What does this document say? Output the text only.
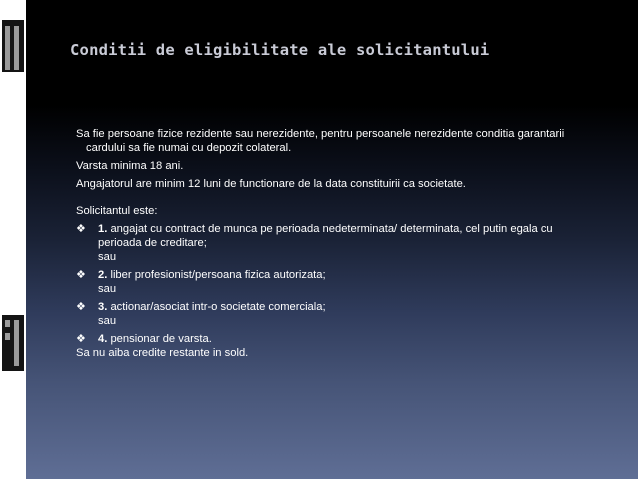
Conditii de eligibilitate ale solicitantului

Sa fie persoane fizice rezidente sau nerezidente, pentru persoanele nerezidente conditia garantarii cardului sa fie numai cu depozit colateral.

Varsta minima 18 ani.

Angajatorul are minim 12 luni de functionare de la data constituirii ca societate.

Solicitantul este:

❖ 1. angajat cu contract de munca pe perioada nedeterminata/ determinata, cel putin egala cu perioada de creditare;

sau

❖ 2. liber profesionist/persoana fizica autorizata;

sau

❖ 3. actionar/asociat intr-o societate comerciala;

sau

❖ 4. pensionar de varsta.

Sa nu aiba credite restante in sold.
